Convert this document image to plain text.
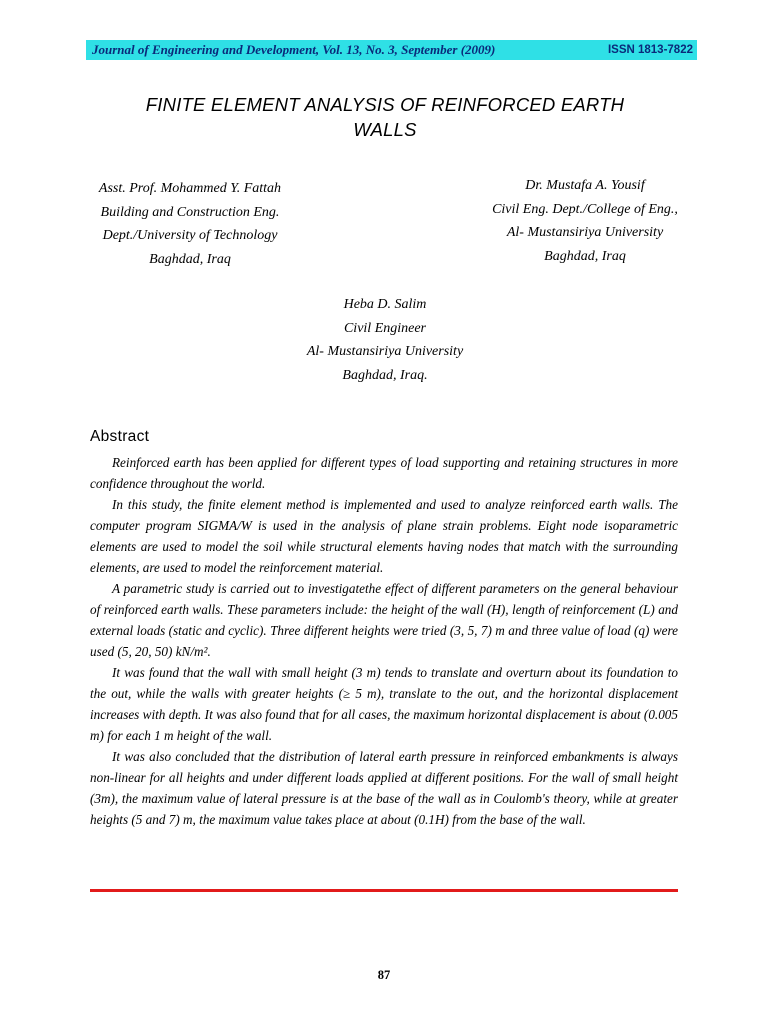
Journal of Engineering and Development, Vol. 13, No. 3, September (2009)	ISSN 1813-7822
FINITE ELEMENT ANALYSIS OF REINFORCED EARTH
WALLS
Asst. Prof. Mohammed Y. Fattah
Building and Construction Eng.
Dept./University of Technology
Baghdad, Iraq
Dr. Mustafa A. Yousif
Civil Eng. Dept./College of Eng.,
Al- Mustansiriya University
Baghdad, Iraq
Heba D. Salim
Civil Engineer
Al- Mustansiriya University
Baghdad, Iraq.
Abstract

Reinforced earth has been applied for different types of load supporting and retaining structures in more confidence throughout the world.

In this study, the finite element method is implemented and used to analyze reinforced earth walls. The computer program SIGMA/W is used in the analysis of plane strain problems. Eight node isoparametric elements are used to model the soil while structural elements having nodes that match with the surrounding elements, are used to model the reinforcement material.

A parametric study is carried out to investigatethe effect of different parameters on the general behaviour of reinforced earth walls. These parameters include: the height of the wall (H), length of reinforcement (L) and external loads (static and cyclic). Three different heights were tried (3, 5, 7) m and three value of load (q) were used (5, 20, 50) kN/m².

It was found that the wall with small height (3 m) tends to translate and overturn about its foundation to the out, while the walls with greater heights (≥ 5 m), translate to the out, and the horizontal displacement increases with depth. It was also found that for all cases, the maximum horizontal displacement is about (0.005 m) for each 1 m height of the wall.

It was also concluded that the distribution of lateral earth pressure in reinforced embankments is always non-linear for all heights and under different loads applied at different positions. For the wall of small height (3m), the maximum value of lateral pressure is at the base of the wall as in Coulomb's theory, while at greater heights (5 and 7) m, the maximum value takes place at about (0.1H) from the base of the wall.

87
